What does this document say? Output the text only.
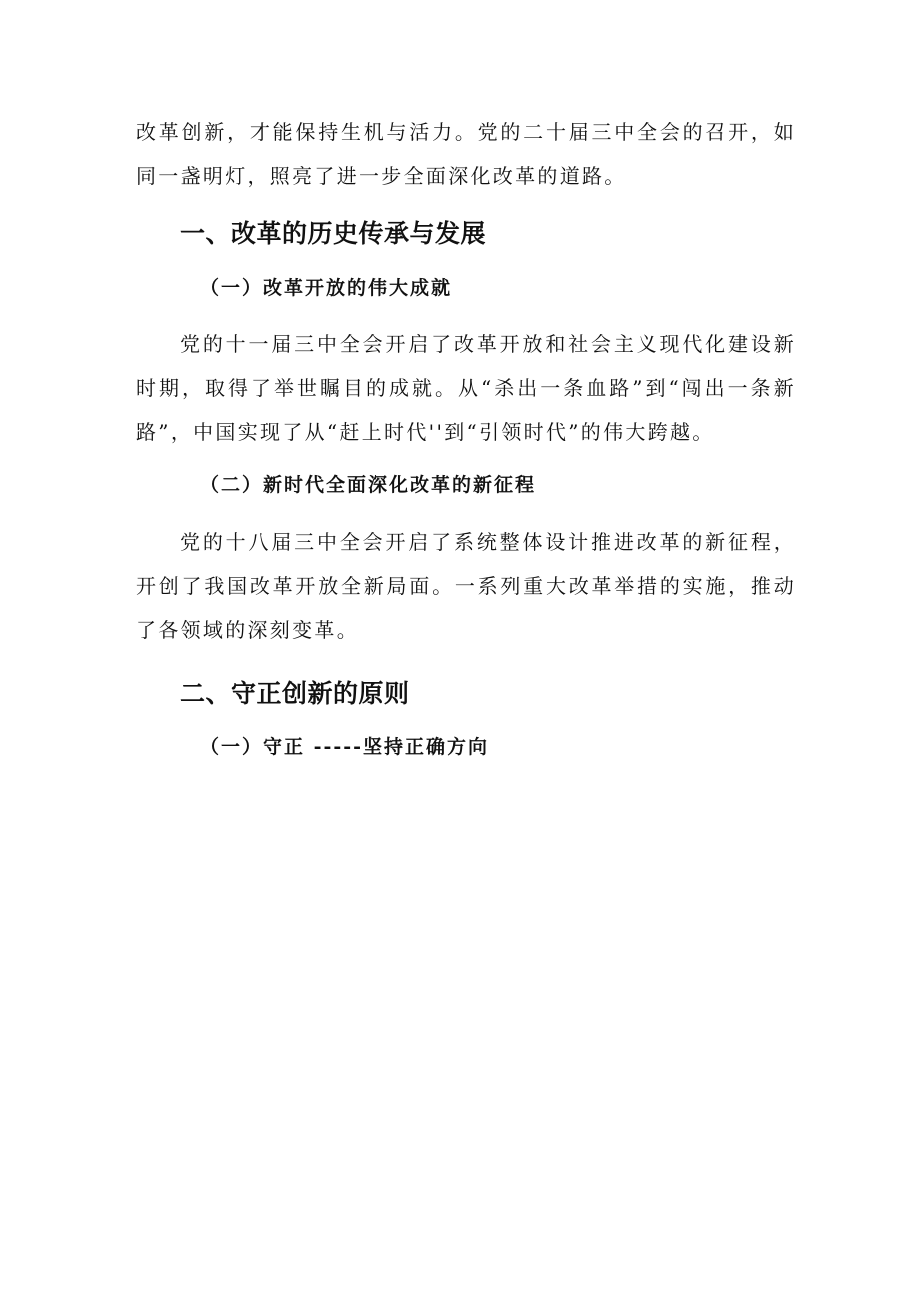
改革创新，才能保持生机与活力。党的二十届三中全会的召开，如同一盏明灯，照亮了进一步全面深化改革的道路。

一、改革的历史传承与发展
（一）改革开放的伟大成就

党的十一届三中全会开启了改革开放和社会主义现代化建设新时期，取得了举世瞩目的成就。从“杀出一条血路”到“闯出一条新路”，中国实现了从“赶上时代''到“引领时代”的伟大跨越。

（二）新时代全面深化改革的新征程

党的十八届三中全会开启了系统整体设计推进改革的新征程，开创了我国改革开放全新局面。一系列重大改革举措的实施，推动了各领域的深刻变革。

二、守正创新的原则
（一）守正 -----坚持正确方向
